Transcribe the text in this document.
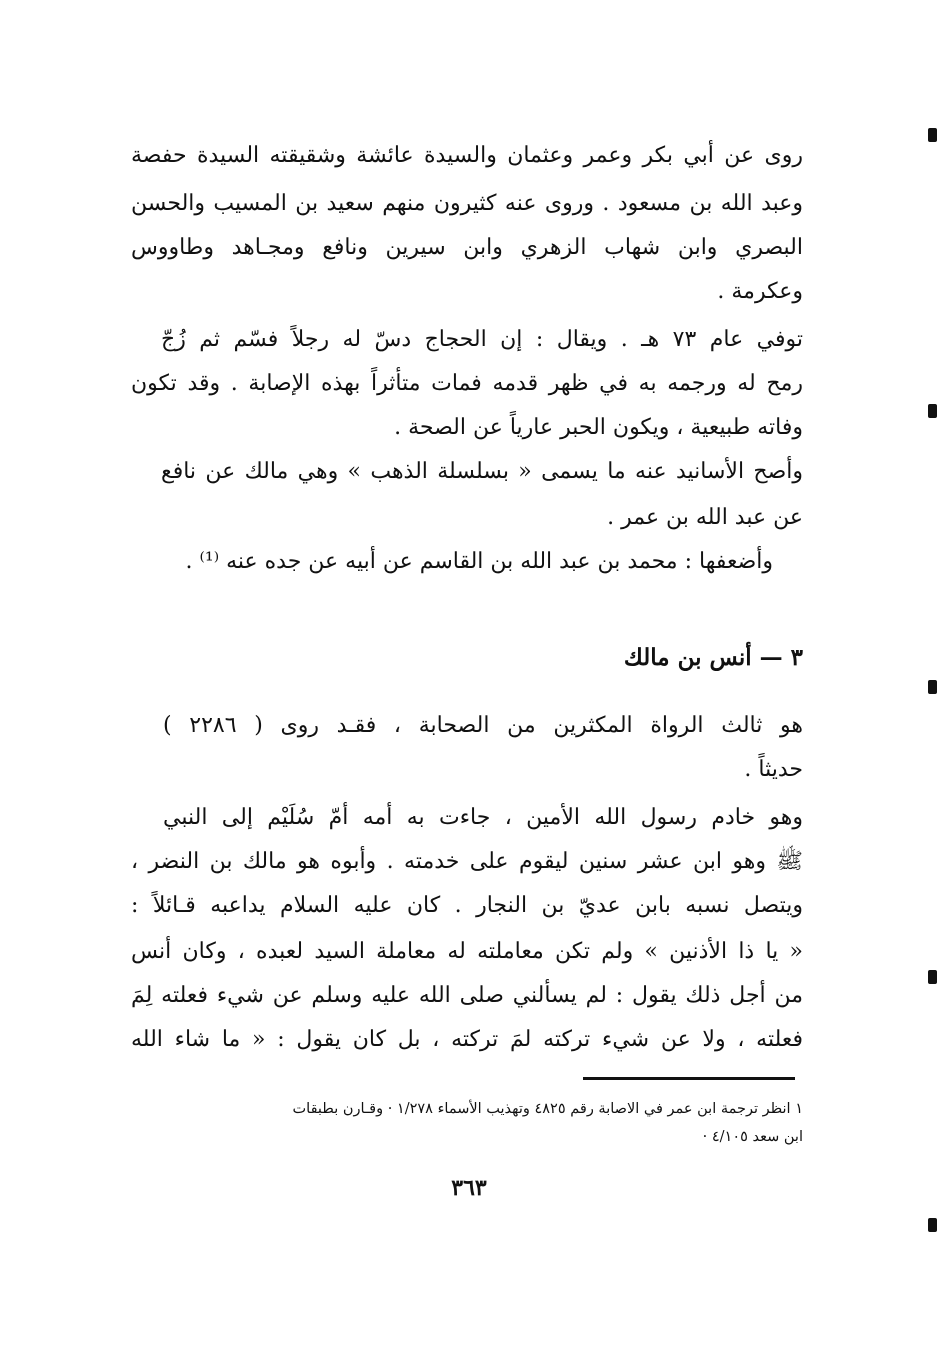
روى عن أبي بكر وعمر وعثمان والسيدة عائشة وشقيقته السيدة حفصة
وعبد الله بن مسعود . وروى عنه كثيرون منهم سعيد بن المسيب والحسن
البصري وابن شهاب الزهري وابن سيرين ونافع ومجـاهد وطاووس
وعكرمة .
توفي عام ٧٣ هـ . ويقال : إن الحجاج دسّ له رجلاً فسّم ثم زُجّ
رمح له ورجمه به في ظهر قدمه فمات متأثراً بهذه الإصابة . وقد تكون
وفاته طبيعية ، ويكون الحبر عارياً عن الصحة .
وأصح الأسانيد عنه ما يسمى « بسلسلة الذهب » وهي مالك عن نافع
عن عبد الله بن عمر .
وأضعفها : محمد بن عبد الله بن القاسم عن أبيه عن جده عنه ⁽¹⁾ .
٣ — أنس بن مالك
هو ثالث الرواة المكثرين من الصحابة ، فقـد روى ( ٢٢٨٦ )
حديثاً .
وهو خادم رسول الله الأمين ، جاءت به أمه أمّ سُلَيْم إلى النبي
ﷺ وهو ابن عشر سنين ليقوم على خدمته . وأبوه هو مالك بن النضر ،
ويتصل نسبه بابن عديّ بن النجار . كان عليه السلام يداعبه قـائلاً :
« يا ذا الأذنين » ولم تكن معاملته له معاملة السيد لعبده ، وكان أنس
من أجل ذلك يقول : لم يسألني صلى الله عليه وسلم عن شيء فعلته لِمَ
فعلته ، ولا عن شيء تركته لمَ تركته ، بل كان يقول : « ما شاء الله
١ انظر ترجمة ابن عمر في الاصابة رقم ٤٨٢٥ وتهذيب الأسماء ١/٢٧٨ · وقـارن بطبقات
ابن سعد ٤/١٠٥ ·
٣٦٣
